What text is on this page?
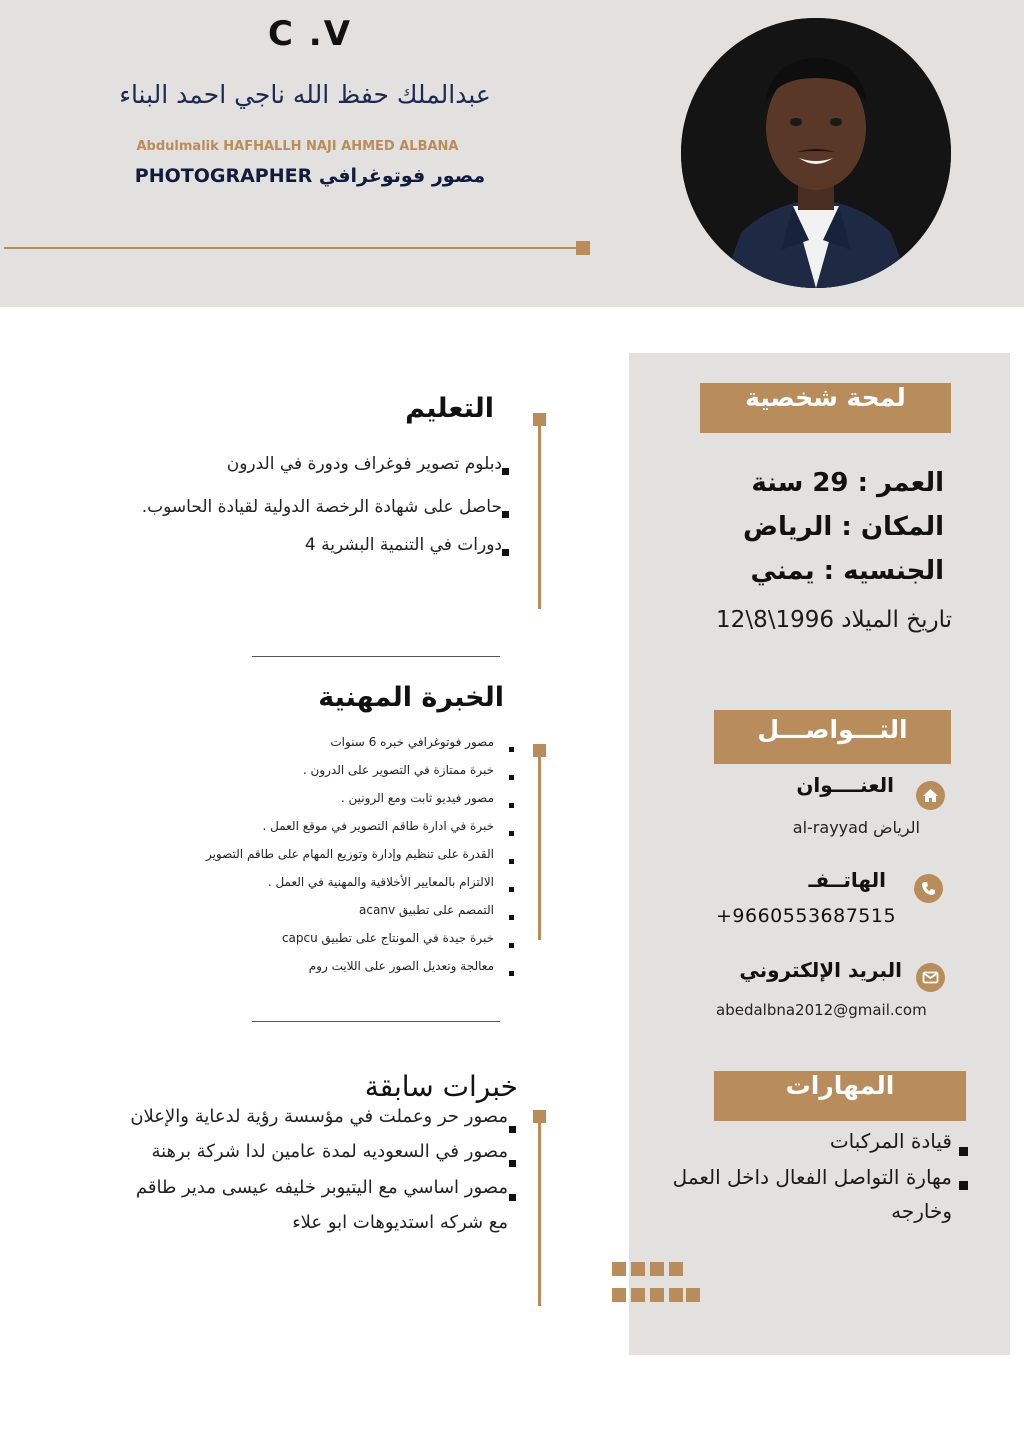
C .V
عبدالملك حفظ الله ناجي احمد البناء
Abdulmalik HAFHALLH NAJI AHMED ALBANA
مصور فوتوغرافي PHOTOGRAPHER
لمحة شخصية
العمر : 29 سنة
المكان : الرياض
الجنسيه : يمني
تاريخ الميلاد 1996\8\12
التـــواصـــل
العنــــوان
الرياض al-rayyad
الهاتــفـ
+9660553687515
البريد الإلكتروني
abedalbna2012@gmail.com
المهارات
قيادة المركبات
مهارة التواصل الفعال داخل العمل وخارجه
التعليم
دبلوم تصوير فوغراف ودورة في الدرون
حاصل على شهادة الرخصة الدولية لقيادة الحاسوب.
دورات في التنمية البشرية 4
الخبرة المهنية
مصور فوتوغرافي خبره 6 سنوات
خبرة ممتازة في التصوير على الدرون .
مصور فيديو ثابت ومع الرونين .
خبرة في ادارة طاقم التصوير في موقع العمل .
القدرة على تنظيم وإدارة وتوزيع المهام على طاقم التصوير
الالتزام بالمعايير الأخلاقية والمهنية في العمل .
التمصم على تطبيق acanv
خبرة جيدة في المونتاج على تطبيق capcu
معالجة وتعديل الصور على اللايت روم
خبرات سابقة
مصور حر وعملت في مؤسسة رؤية لدعاية والإعلان
مصور في السعوديه لمدة عامين لدا شركة برهنة
مصور اساسي مع اليتيوبر خليفه عيسى مدير طاقم
مع شركه استديوهات ابو علاء
